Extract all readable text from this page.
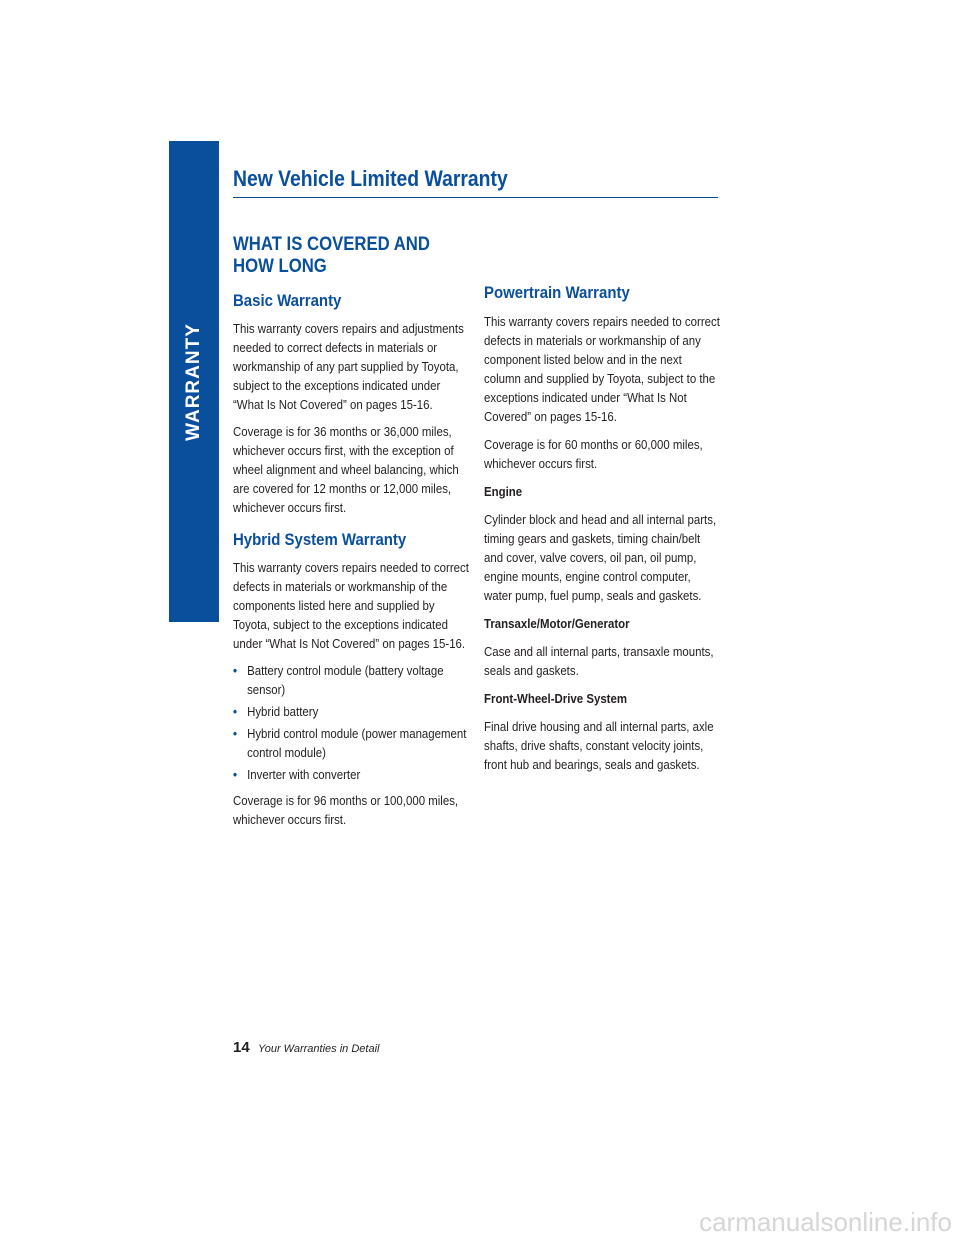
WARRANTY
New Vehicle Limited Warranty
WHAT IS COVERED AND
HOW LONG
Basic Warranty
This warranty covers repairs and adjustments needed to correct defects in materials or workmanship of any part supplied by Toyota, subject to the exceptions indicated under “What Is Not Covered” on pages 15-16.
Coverage is for 36 months or 36,000 miles, whichever occurs first, with the exception of wheel alignment and wheel balancing, which are covered for 12 months or 12,000 miles, whichever occurs first.
Hybrid System Warranty
This warranty covers repairs needed to correct defects in materials or workmanship of the components listed here and supplied by Toyota, subject to the exceptions indicated under “What Is Not Covered” on pages 15-16.
• Battery control module (battery voltage sensor)
• Hybrid battery
• Hybrid control module (power management control module)
• Inverter with converter
Coverage is for 96 months or 100,000 miles, whichever occurs first.
Powertrain Warranty
This warranty covers repairs needed to correct defects in materials or workmanship of any component listed below and in the next column and supplied by Toyota, subject to the exceptions indicated under “What Is Not Covered” on pages 15-16.
Coverage is for 60 months or 60,000 miles, whichever occurs first.
Engine
Cylinder block and head and all internal parts, timing gears and gaskets, timing chain/belt and cover, valve covers, oil pan, oil pump, engine mounts, engine control computer, water pump, fuel pump, seals and gaskets.
Transaxle/Motor/Generator
Case and all internal parts, transaxle mounts, seals and gaskets.
Front-Wheel-Drive System
Final drive housing and all internal parts, axle shafts, drive shafts, constant velocity joints, front hub and bearings, seals and gaskets.
14 Your Warranties in Detail
carmanualsonline.info
